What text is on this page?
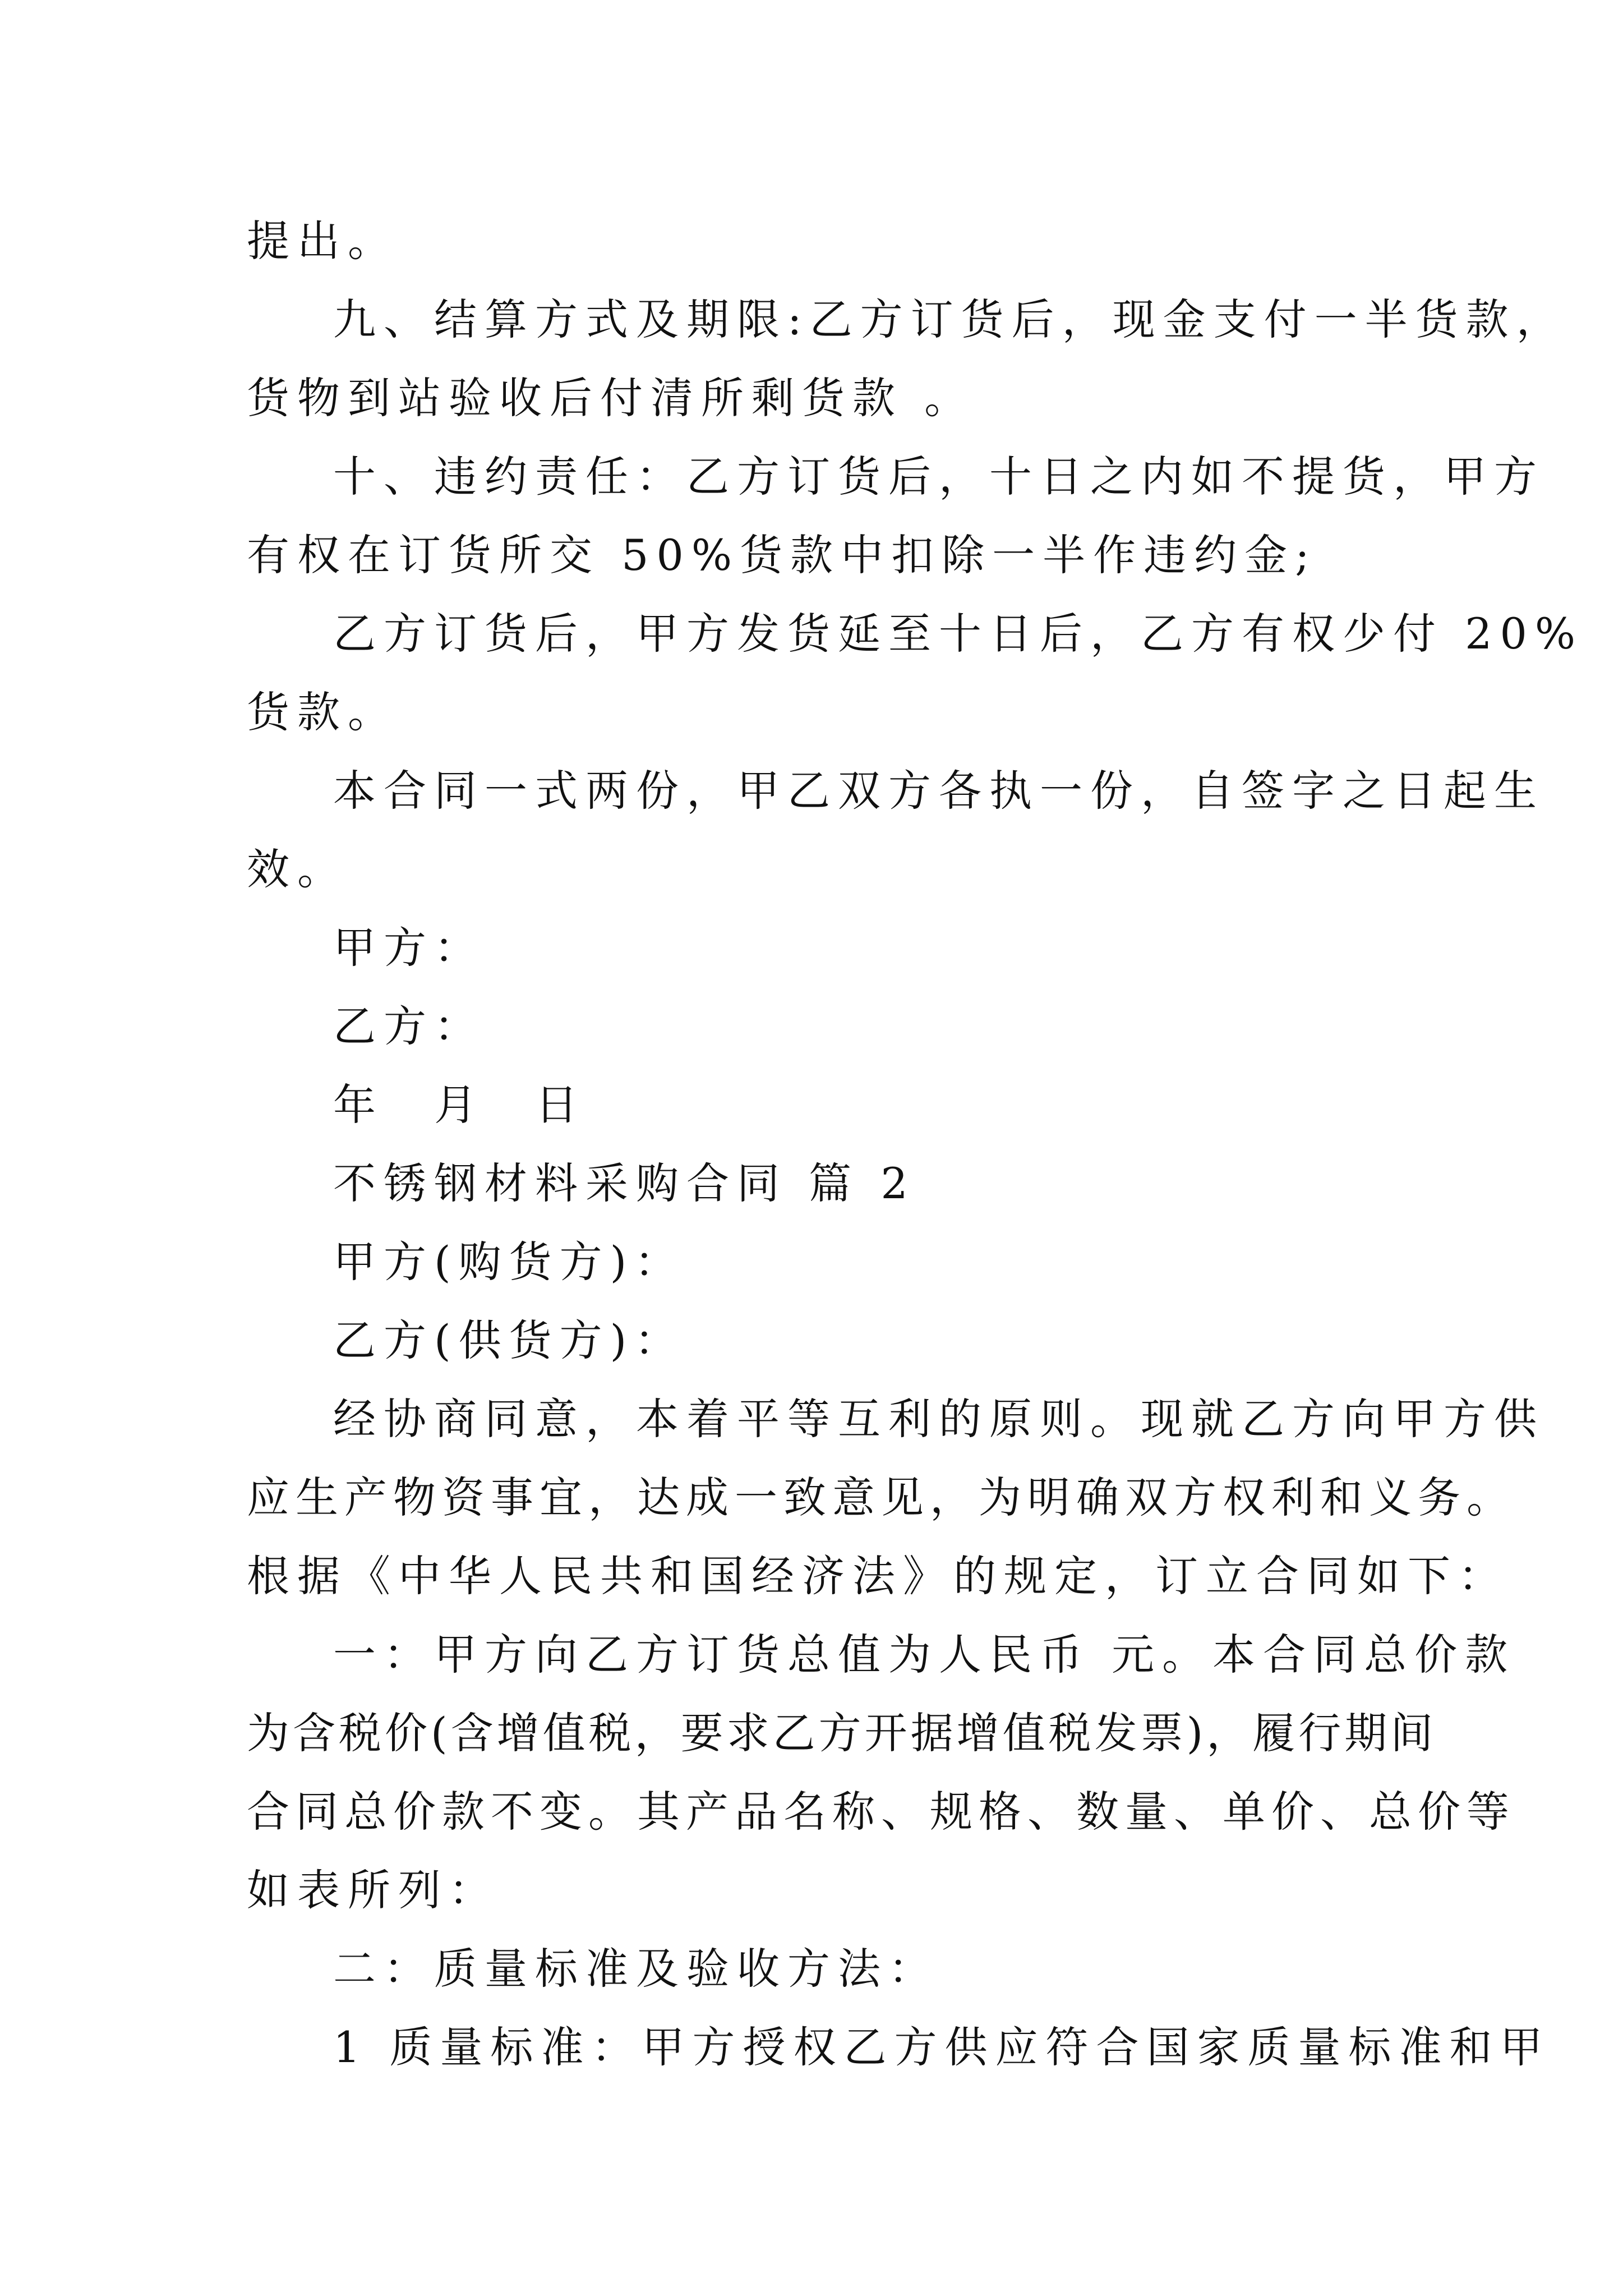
提出。

九、结算方式及期限:乙方订货后，现金支付一半货款，

货物到站验收后付清所剩货款 。

十、违约责任：乙方订货后，十日之内如不提货，甲方

有权在订货所交 50%货款中扣除一半作违约金;

乙方订货后，甲方发货延至十日后，乙方有权少付 20%

货款。

本合同一式两份，甲乙双方各执一份，自签字之日起生

效。

甲方：

乙方：

年 月 日

不锈钢材料采购合同 篇 2

甲方(购货方)：

乙方(供货方)：

经协商同意，本着平等互利的原则。现就乙方向甲方供

应生产物资事宜，达成一致意见，为明确双方权利和义务。

根据《中华人民共和国经济法》的规定，订立合同如下：

一：甲方向乙方订货总值为人民币 元。本合同总价款

为含税价(含增值税，要求乙方开据增值税发票)，履行期间

合同总价款不变。其产品名称、规格、数量、单价、总价等

如表所列：

二：质量标准及验收方法：

1 质量标准：甲方授权乙方供应符合国家质量标准和甲
